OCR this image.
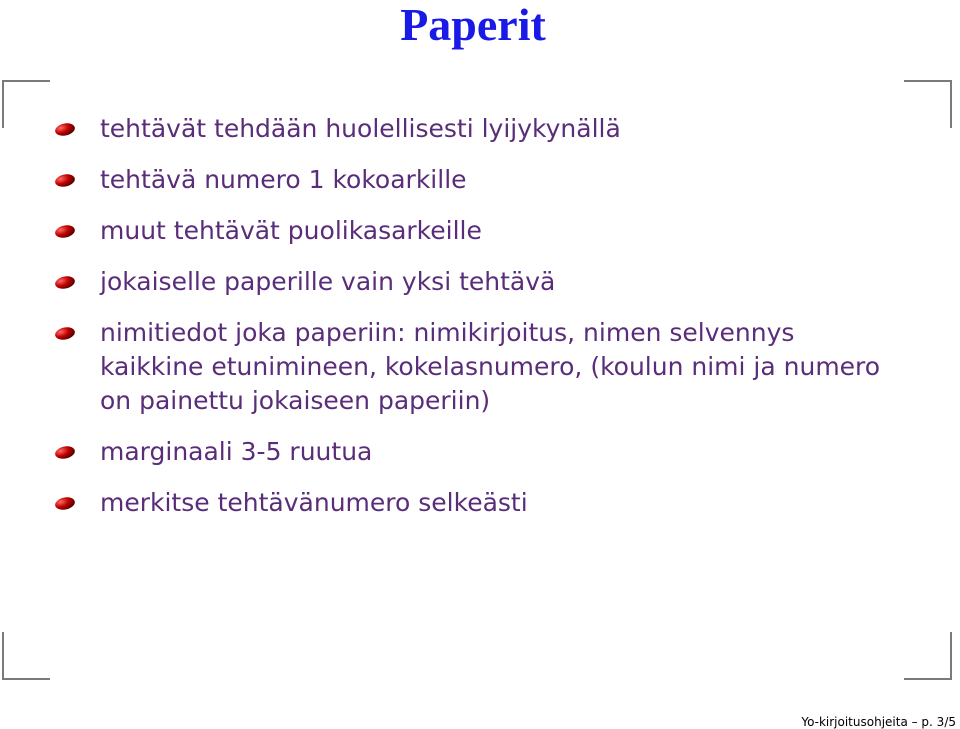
Paperit
tehtävät tehdään huolellisesti lyijykynällä
tehtävä numero 1 kokoarkille
muut tehtävät puolikasarkeille
jokaiselle paperille vain yksi tehtävä
nimitiedot joka paperiin: nimikirjoitus, nimen selvennys kaikkine etunimineen, kokelasnumero, (koulun nimi ja numero on painettu jokaiseen paperiin)
marginaali 3-5 ruutua
merkitse tehtävänumero selkeästi
Yo-kirjoitusohjeita – p. 3/5
